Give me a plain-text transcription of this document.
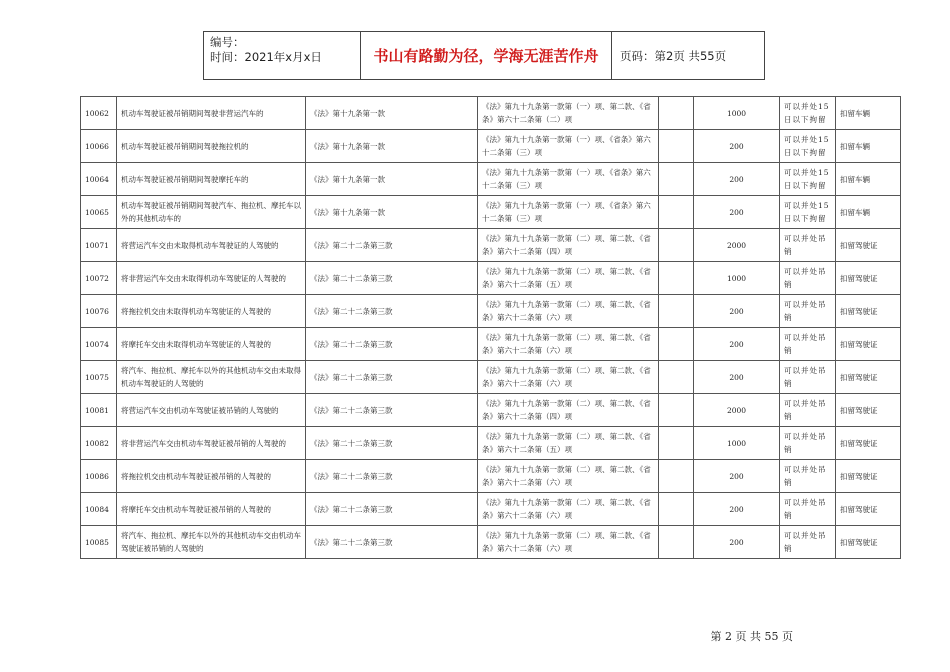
编号：
时间：2021年x月x日	书山有路勤为径，学海无涯苦作舟	页码：第2页 共55页
10062	机动车驾驶证被吊销期间驾驶非营运汽车的	《法》第十九条第一款	《法》第九十九条第一款第（一）项、第二款、《省条》第六十二条第（二）项		1000	可以并处15日以下拘留	扣留车辆
10066	机动车驾驶证被吊销期间驾驶拖拉机的	《法》第十九条第一款	《法》第九十九条第一款第（一）项、《省条》第六十二条第（三）项		200	可以并处15日以下拘留	扣留车辆
10064	机动车驾驶证被吊销期间驾驶摩托车的	《法》第十九条第一款	《法》第九十九条第一款第（一）项、《省条》第六十二条第（三）项		200	可以并处15日以下拘留	扣留车辆
10065	机动车驾驶证被吊销期间驾驶汽车、拖拉机、摩托车以外的其他机动车的	《法》第十九条第一款	《法》第九十九条第一款第（一）项、《省条》第六十二条第（三）项		200	可以并处15日以下拘留	扣留车辆
10071	将营运汽车交由未取得机动车驾驶证的人驾驶的	《法》第二十二条第三款	《法》第九十九条第一款第（二）项、第二款、《省条》第六十二条第（四）项		2000	可以并处吊销	扣留驾驶证
10072	将非营运汽车交由未取得机动车驾驶证的人驾驶的	《法》第二十二条第三款	《法》第九十九条第一款第（二）项、第二款、《省条》第六十二条第（五）项		1000	可以并处吊销	扣留驾驶证
10076	将拖拉机交由未取得机动车驾驶证的人驾驶的	《法》第二十二条第三款	《法》第九十九条第一款第（二）项、第二款、《省条》第六十二条第（六）项		200	可以并处吊销	扣留驾驶证
10074	将摩托车交由未取得机动车驾驶证的人驾驶的	《法》第二十二条第三款	《法》第九十九条第一款第（二）项、第二款、《省条》第六十二条第（六）项		200	可以并处吊销	扣留驾驶证
10075	将汽车、拖拉机、摩托车以外的其他机动车交由未取得机动车驾驶证的人驾驶的	《法》第二十二条第三款	《法》第九十九条第一款第（二）项、第二款、《省条》第六十二条第（六）项		200	可以并处吊销	扣留驾驶证
10081	将营运汽车交由机动车驾驶证被吊销的人驾驶的	《法》第二十二条第三款	《法》第九十九条第一款第（二）项、第二款、《省条》第六十二条第（四）项		2000	可以并处吊销	扣留驾驶证
10082	将非营运汽车交由机动车驾驶证被吊销的人驾驶的	《法》第二十二条第三款	《法》第九十九条第一款第（二）项、第二款、《省条》第六十二条第（五）项		1000	可以并处吊销	扣留驾驶证
10086	将拖拉机交由机动车驾驶证被吊销的人驾驶的	《法》第二十二条第三款	《法》第九十九条第一款第（二）项、第二款、《省条》第六十二条第（六）项		200	可以并处吊销	扣留驾驶证
10084	将摩托车交由机动车驾驶证被吊销的人驾驶的	《法》第二十二条第三款	《法》第九十九条第一款第（二）项、第二款、《省条》第六十二条第（六）项		200	可以并处吊销	扣留驾驶证
10085	将汽车、拖拉机、摩托车以外的其他机动车交由机动车驾驶证被吊销的人驾驶的	《法》第二十二条第三款	《法》第九十九条第一款第（二）项、第二款、《省条》第六十二条第（六）项		200	可以并处吊销	扣留驾驶证
第 2 页 共 55 页
